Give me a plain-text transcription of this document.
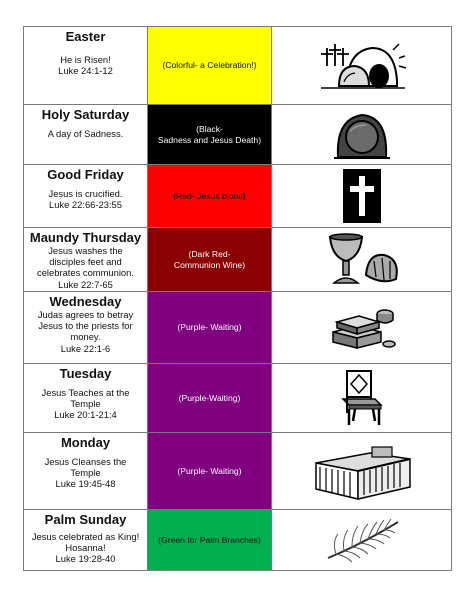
Easter
He is Risen!
Luke 24:1-12
(Colorful- a Celebration!)
Holy Saturday
A day of Sadness.	(Black-
Sadness and Jesus Death)
Good Friday
Jesus is crucified.
Luke 22:66-23:55
(Red- Jesus blood)
Maundy Thursday
Jesus washes the
disciples feet and
celebrates communion.
Luke 22:7-65
(Dark Red-
Communion Wine)
Wednesday
Judas agrees to betray
Jesus to the priests for
money.
Luke 22:1-6
(Purple- Waiting)
Tuesday
Jesus Teaches at the
Temple
Luke 20:1-21:4
(Purple-Waiting)
Monday
Jesus Cleanses the
Temple
Luke 19:45-48
(Purple- Waiting)
Palm Sunday
Jesus celebrated as King!
Hosanna!
Luke 19:28-40
(Green for Palm Branches)
